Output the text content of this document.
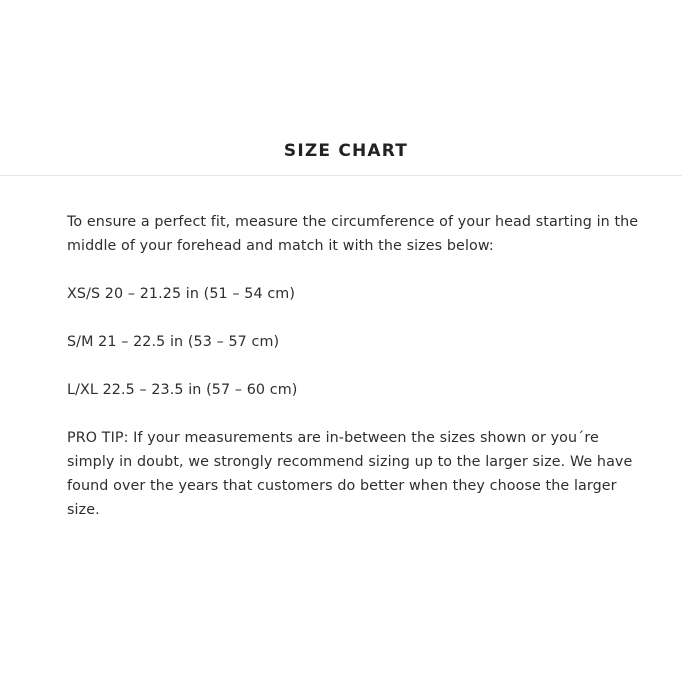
SIZE CHART

To ensure a perfect fit, measure the circumference of your head starting in the middle of your forehead and match it with the sizes below:

XS/S 20 – 21.25 in (51 – 54 cm)

S/M 21 – 22.5 in (53 – 57 cm)

L/XL 22.5 – 23.5 in (57 – 60 cm)

PRO TIP: If your measurements are in-between the sizes shown or you´re simply in doubt, we strongly recommend sizing up to the larger size. We have found over the years that customers do better when they choose the larger size.
